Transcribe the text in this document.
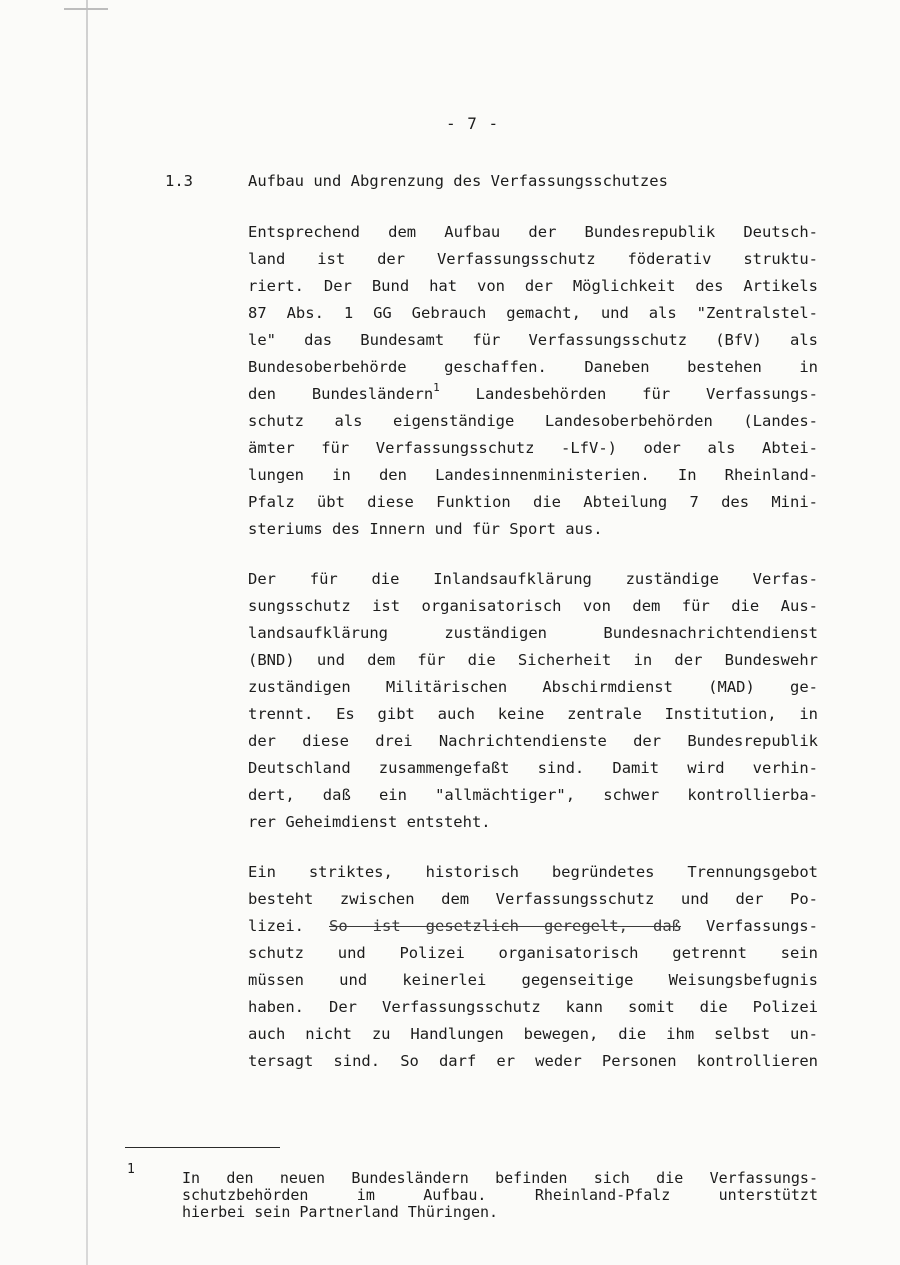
- 7 -
1.3	Aufbau und Abgrenzung des Verfassungsschutzes
Entsprechend dem Aufbau der Bundesrepublik Deutsch-
land ist der Verfassungsschutz föderativ struktu-
riert. Der Bund hat von der Möglichkeit des Artikels
87 Abs. 1 GG Gebrauch gemacht, und als "Zentralstel-
le" das Bundesamt für Verfassungsschutz (BfV) als
Bundesoberbehörde geschaffen. Daneben bestehen in
den Bundesländern$^1$ Landesbehörden für Verfassungs-
schutz als eigenständige Landesoberbehörden (Landes-
ämter für Verfassungsschutz -LfV-) oder als Abtei-
lungen in den Landesinnenministerien. In Rheinland-
Pfalz übt diese Funktion die Abteilung 7 des Mini-
steriums des Innern und für Sport aus.
Der für die Inlandsaufklärung zuständige Verfas-
sungsschutz ist organisatorisch von dem für die Aus-
landsaufklärung zuständigen Bundesnachrichtendienst
(BND) und dem für die Sicherheit in der Bundeswehr
zuständigen Militärischen Abschirmdienst (MAD) ge-
trennt. Es gibt auch keine zentrale Institution, in
der diese drei Nachrichtendienste der Bundesrepublik
Deutschland zusammengefaßt sind. Damit wird verhin-
dert, daß ein "allmächtiger", schwer kontrollierba-
rer Geheimdienst entsteht.
Ein striktes, historisch begründetes Trennungsgebot
besteht zwischen dem Verfassungsschutz und der Po-
lizei. So ist gesetzlich geregelt, daß Verfassungs-
schutz und Polizei organisatorisch getrennt sein
müssen und keinerlei gegenseitige Weisungsbefugnis
haben. Der Verfassungsschutz kann somit die Polizei
auch nicht zu Handlungen bewegen, die ihm selbst un-
tersagt sind. So darf er weder Personen kontrollieren
1	In den neuen Bundesländern befinden sich die Verfassungs-
schutzbehörden im Aufbau. Rheinland-Pfalz unterstützt
hierbei sein Partnerland Thüringen.
